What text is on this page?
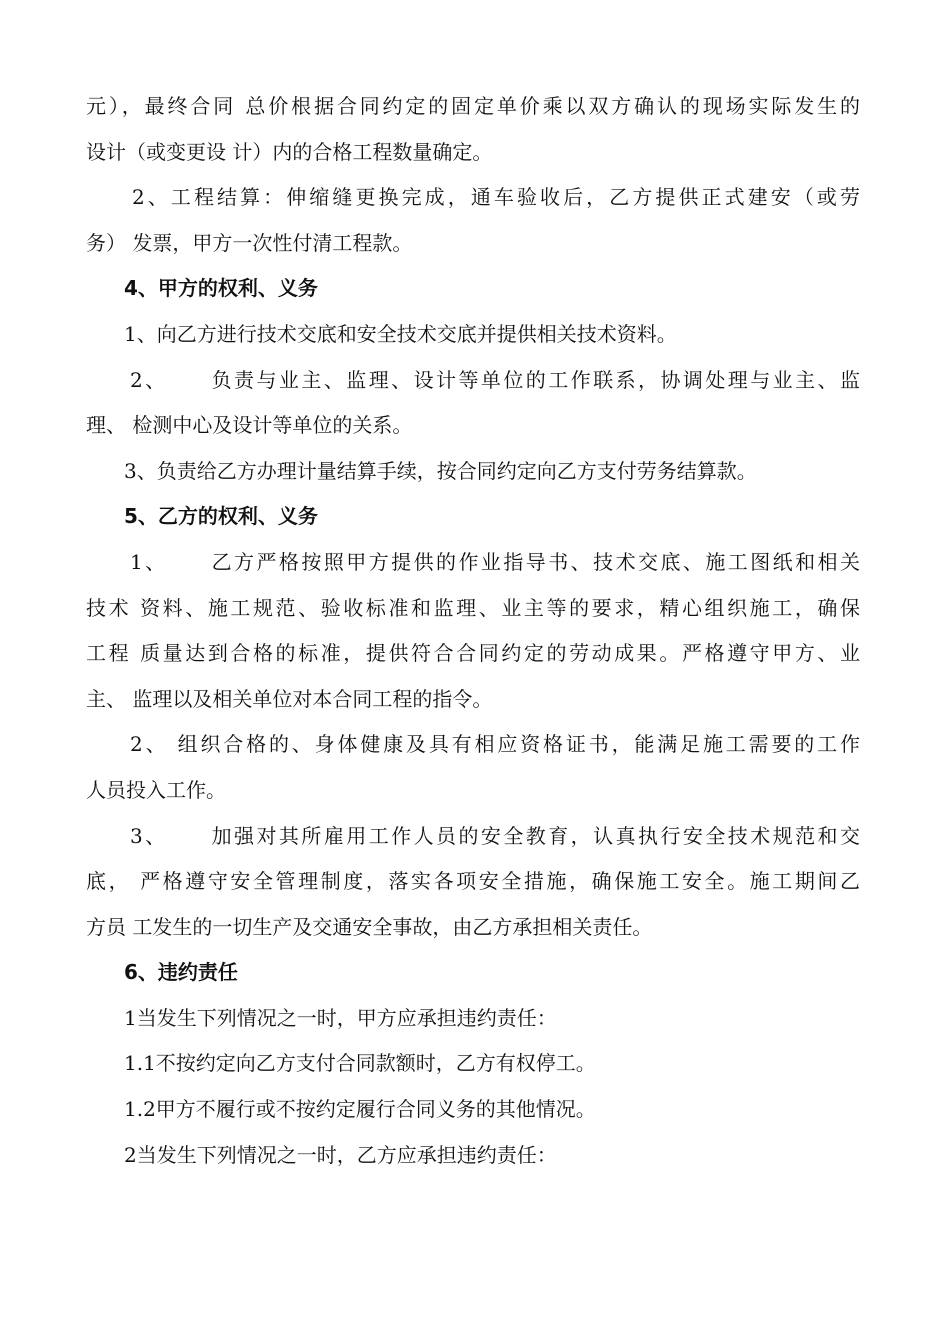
元），最终合同 总价根据合同约定的固定单价乘以双方确认的现场实际发生的
设计（或变更设 计）内的合格工程数量确定。
2、工程结算：伸缩缝更换完成，通车验收后，乙方提供正式建安（或劳
务） 发票，甲方一次性付清工程款。
4、甲方的权利、义务
1、向乙方进行技术交底和安全技术交底并提供相关技术资料。
2、     负责与业主、监理、设计等单位的工作联系，协调处理与业主、监
理、 检测中心及设计等单位的关系。
3、负责给乙方办理计量结算手续，按合同约定向乙方支付劳务结算款。
5、乙方的权利、义务
1、     乙方严格按照甲方提供的作业指导书、技术交底、施工图纸和相关
技术 资料、施工规范、验收标准和监理、业主等的要求，精心组织施工，确保
工程 质量达到合格的标准，提供符合合同约定的劳动成果。严格遵守甲方、业
主、 监理以及相关单位对本合同工程的指令。
2、 组织合格的、身体健康及具有相应资格证书，能满足施工需要的工作
人员投入工作。
3、     加强对其所雇用工作人员的安全教育，认真执行安全技术规范和交
底， 严格遵守安全管理制度，落实各项安全措施，确保施工安全。施工期间乙
方员 工发生的一切生产及交通安全事故，由乙方承担相关责任。
6、违约责任
1当发生下列情况之一时，甲方应承担违约责任：
1.1不按约定向乙方支付合同款额时，乙方有权停工。
1.2甲方不履行或不按约定履行合同义务的其他情况。
2当发生下列情况之一时，乙方应承担违约责任：
